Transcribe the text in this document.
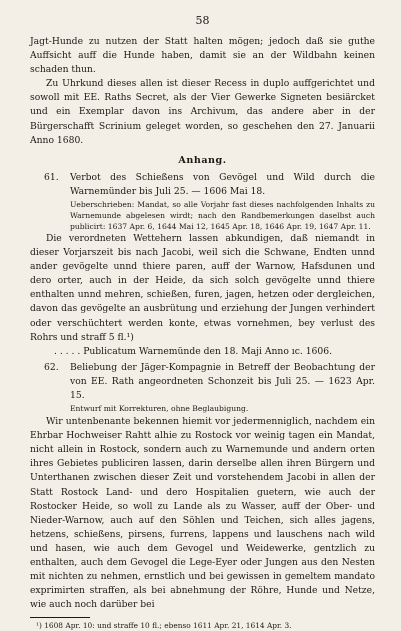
58

Jagt-Hunde zu nutzen der Statt halten mögen; jedoch daß sie guthe Auffsicht auff die Hunde haben, damit sie an der Wildbahn keinen schaden thun.

Zu Uhrkund dieses allen ist dieser Recess in duplo auffgerichtet und sowoll mit EE. Raths Secret, als der Vier Gewerke Signeten besiärcket und ein Exemplar davon ins Archivum, das andere aber in der Bürgerschafft Scrinium geleget worden, so geschehen den 27. Januarii Anno 1680.

Anhang.
61.	Verbot des Schießens von Gevögel und Wild durch die Warnemünder bis Juli 25. — 1606 Mai 18.

Ueberschrieben: Mandat, so alle Vorjahr fast dieses nachfolgenden Inhalts zu Warnemunde abgelesen wirdt; nach den Randbemerkungen daselbst auch publicirt: 1637 Apr. 6, 1644 Mai 12, 1645 Apr. 18, 1646 Apr. 19, 1647 Apr. 11.

Die verordneten Wettehern lassen abkundigen, daß niemandt in dieser Vorjarszeit bis nach Jacobi, weil sich die Schwane, Endten unnd ander gevögelte unnd thiere paren, auff der Warnow, Hafsdunen und dero orter, auch in der Heide, da sich solch gevögelte unnd thiere enthalten unnd mehren, schießen, furen, jagen, hetzen oder dergleichen, davon das gevögelte an ausbrütung und erziehung der Jungen verhindert oder verschüchtert werden konte, etwas vornehmen, bey verlust des Rohrs und straff 5 fl.¹)

. . . . . Publicatum Warnemünde den 18. Maji Anno ıc. 1606.

62.	Beliebung der Jäger-Kompagnie in Betreff der Beobachtung der von EE. Rath angeordneten Schonzeit bis Juli 25. — 1623 Apr. 15.

Entwurf mit Korrekturen, ohne Beglaubigung.

Wir untenbenante bekennen hiemit vor jedermenniglich, nachdem ein Ehrbar Hochweiser Rahtt alhie zu Rostock vor weinig tagen ein Mandat, nicht allein in Rostock, sondern auch zu Warnemunde und andern orten ihres Gebietes publiciren lassen, darin derselbe allen ihren Bürgern und Unterthanen zwischen dieser Zeit und vorstehendem Jacobi in allen der Statt Rostock Land- und dero Hospitalien guetern, wie auch der Rostocker Heide, so woll zu Lande als zu Wasser, auff der Ober- und Nieder-Warnow, auch auf den Söhlen und Teichen, sich alles jagens, hetzens, schießens, pirsens, furrens, lappens und lauschens nach wild und hasen, wie auch dem Gevogel und Weidewerke, gentzlich zu enthalten, auch dem Gevogel die Lege-Eyer oder Jungen aus den Nesten mit nichten zu nehmen, ernstlich und bei gewissen in gemeltem mandato exprimirten straffen, als bei abnehmung der Röhre, Hunde und Netze, wie auch noch darüber bei

¹) 1608 Apr. 10: und straffe 10 fl.; ebenso 1611 Apr. 21, 1614 Apr. 3.
